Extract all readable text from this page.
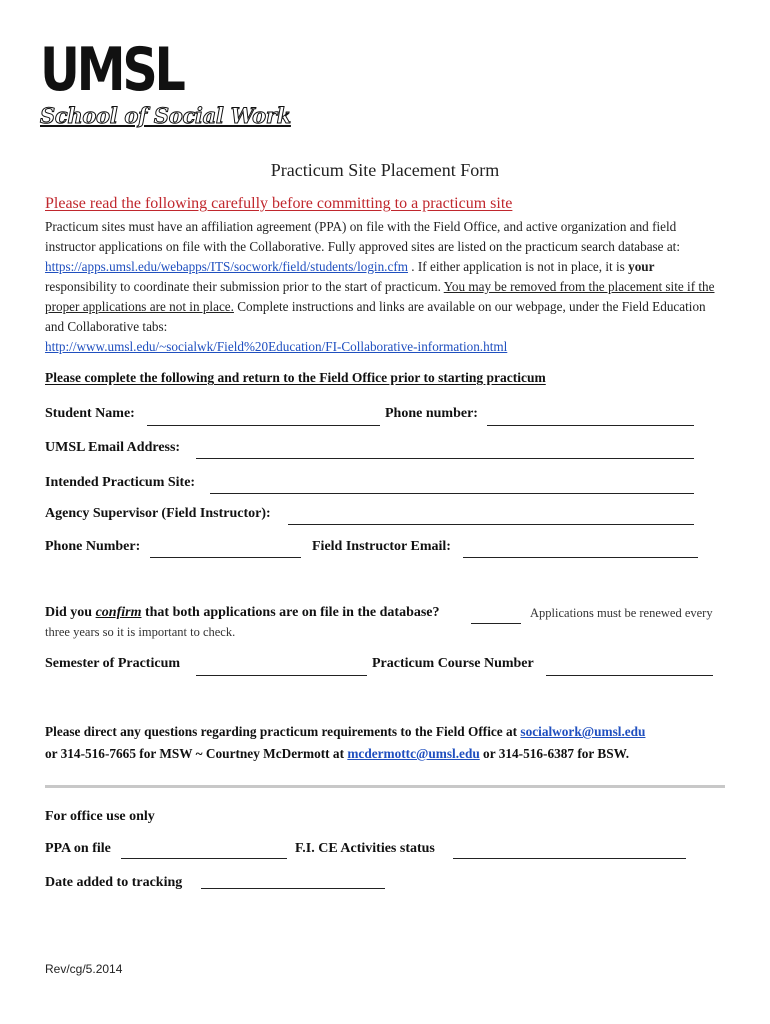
UMSL
School of Social Work
Practicum Site Placement Form
Please read the following carefully before committing to a practicum site
Practicum sites must have an affiliation agreement (PPA) on file with the Field Office, and active organization and field instructor applications on file with the Collaborative. Fully approved sites are listed on the practicum search database at: https://apps.umsl.edu/webapps/ITS/socwork/field/students/login.cfm . If either application is not in place, it is your responsibility to coordinate their submission prior to the start of practicum. You may be removed from the placement site if the proper applications are not in place. Complete instructions and links are available on our webpage, under the Field Education and Collaborative tabs:
http://www.umsl.edu/~socialwk/Field%20Education/FI-Collaborative-information.html
Please complete the following and return to the Field Office prior to starting practicum
Student Name:	Phone number:
UMSL Email Address:
Intended Practicum Site:
Agency Supervisor (Field Instructor):
Phone Number:	Field Instructor Email:
Did you confirm that both applications are on file in the database?	Applications must be renewed every
three years so it is important to check.
Semester of Practicum	Practicum Course Number
Please direct any questions regarding practicum requirements to the Field Office at socialwork@umsl.edu
or 314-516-7665 for MSW ~ Courtney McDermott at mcdermottc@umsl.edu or 314-516-6387 for BSW.
For office use only
PPA on file	F.I. CE Activities status
Date added to tracking
Rev/cg/5.2014
